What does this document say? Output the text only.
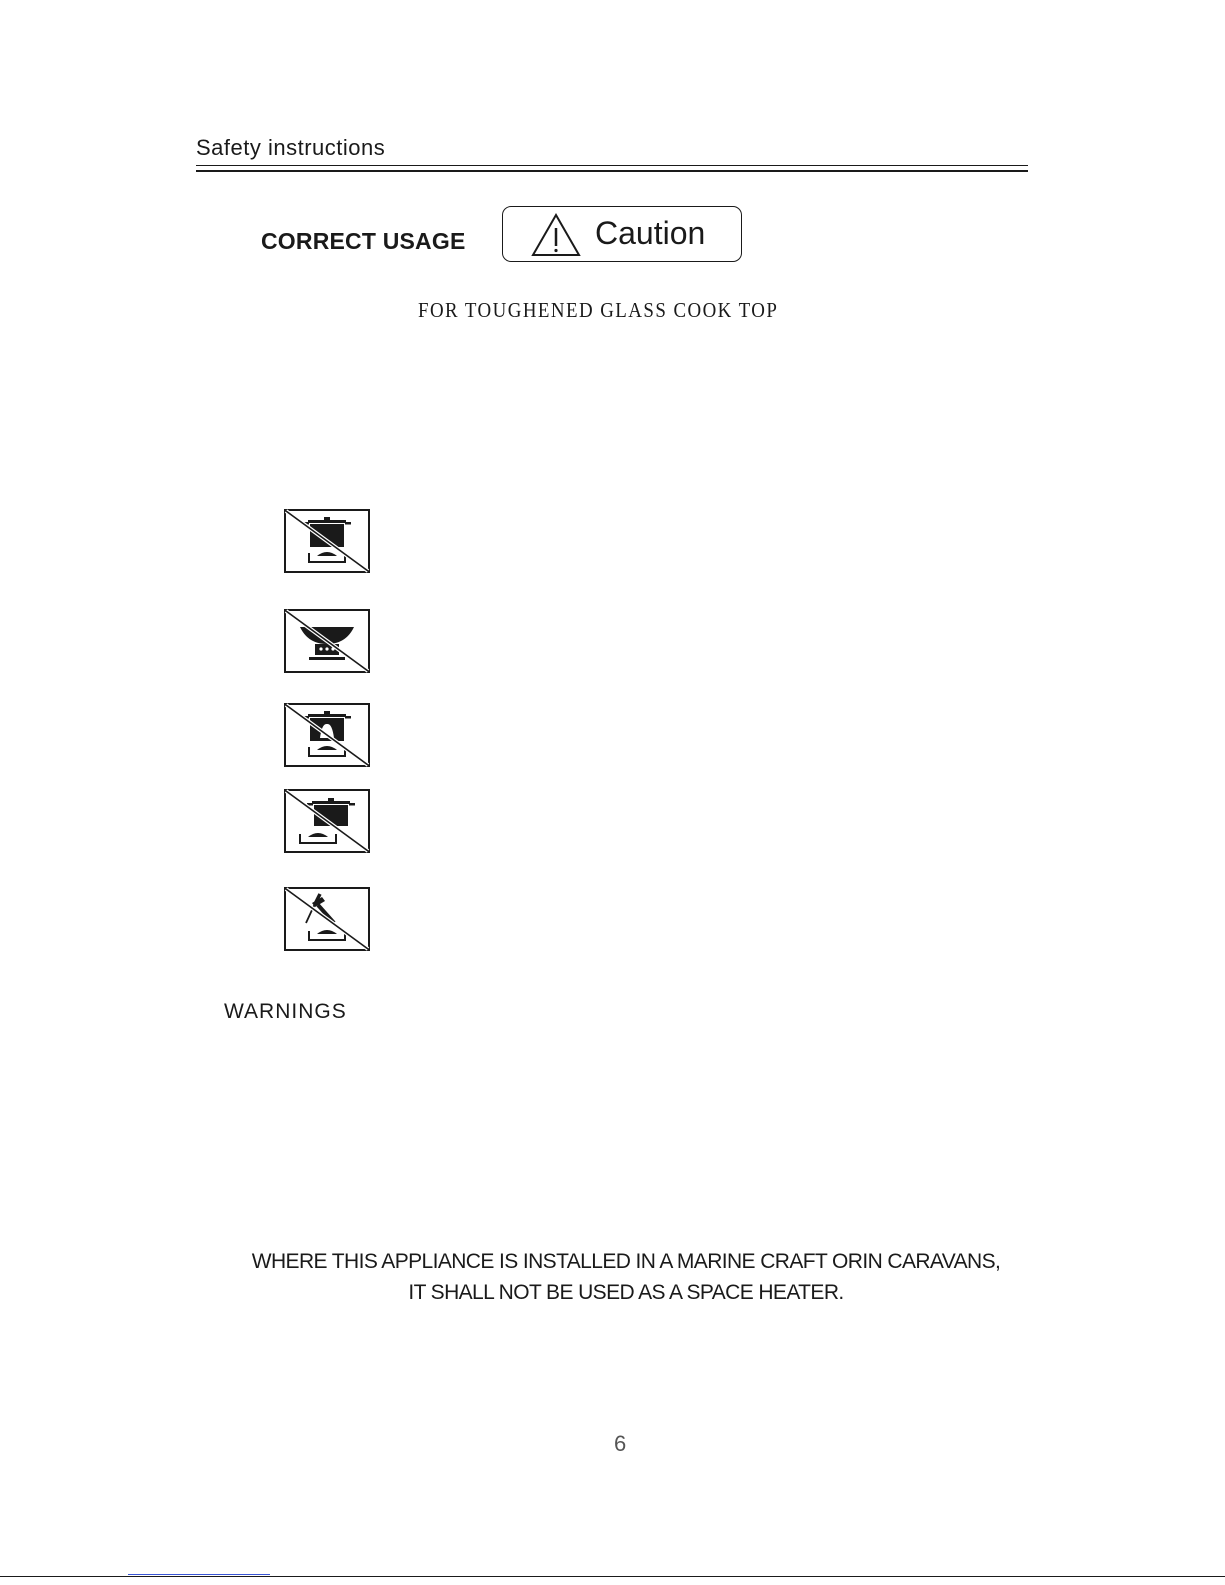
Safety instructions
CORRECT USAGE	Caution
FOR TOUGHENED GLASS COOK TOP
WARNINGS
WHERE THIS APPLIANCE IS INSTALLED IN A MARINE CRAFT ORIN CARAVANS,
IT SHALL NOT BE USED AS A SPACE HEATER.
6
